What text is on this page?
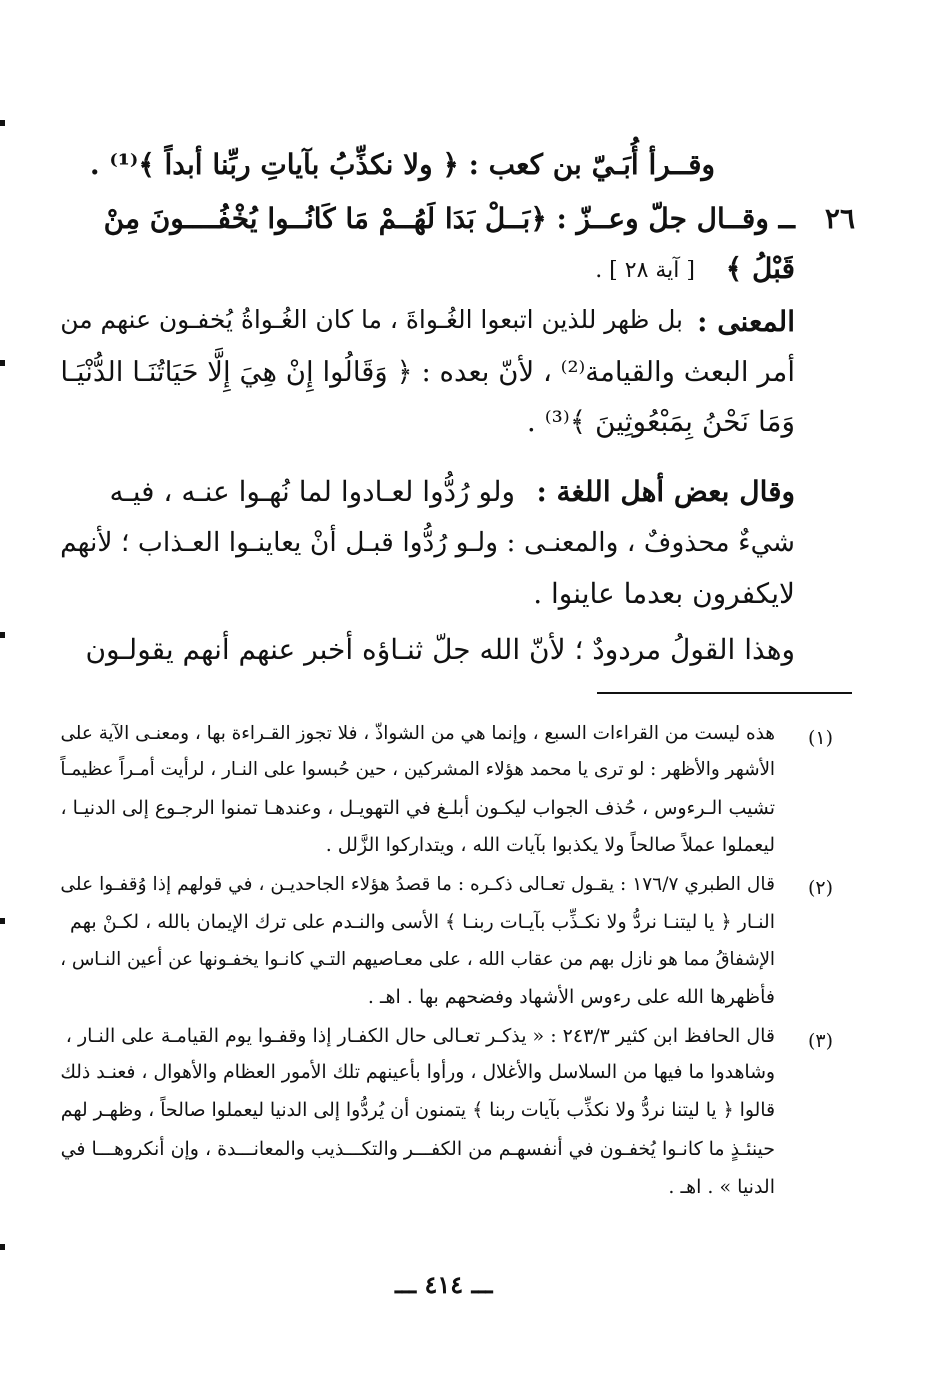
وقــرأ أُبَـيّ بن كعب : ﴿ ولا نكذِّبُ بآياتِ ربِّنا أبداً ﴾⁽¹⁾ .
٢٦
ــ وقــال جلّ وعــزّ : ﴿بَــلْ بَدَا لَهُــمْ مَا كَانُــوا يُخْفُــــونَ مِنْ
قَبْلُ ﴾
[ آية ٢٨ ] .
المعنى :
بل ظهر للذين اتبعوا الغُـواةَ ، ما كان الغُـواةُ يُخفـون عنهم من
أمر البعث والقيامة⁽²⁾ ، لأنّ بعده : ﴿ وَقَالُوا إِنْ هِيَ إِلَّا حَيَاتُنَـا الدُّنْيَـا
وَمَا نَحْنُ بِمَبْعُوثِينَ ﴾⁽³⁾ .
وقال بعض أهل اللغة :
ولو رُدُّوا لعـادوا لما نُهـوا عنـه ، فيـه
شيءٌ محذوفٌ ، والمعنـى : ولـو رُدُّوا قبـل أنْ يعاينـوا العـذاب ؛ لأنهم
لايكفرون بعدما عاينوا .
وهذا القولُ مردودٌ ؛ لأنّ الله جلّ ثنـاؤه أخبر عنهم أنهم يقولـون
(١)
هذه ليست من القراءات السبع ، وإنما هي من الشواذّ ، فلا تجوز القـراءة بها ، ومعنـى الآية على
الأشهر والأظهر : لو ترى يا محمد هؤلاء المشركين ، حين حُبسوا على النـار ، لرأيت أمـراً عظيمـاً
تشيب الـرءوس ، حُذف الجواب ليكـون أبلـغ في التهويـل ، وعندهـا تمنوا الرجـوع إلى الدنيـا ،
ليعملوا عملاً صالحاً ولا يكذبوا بآيات الله ، ويتداركوا الزَّلل .
(٢)
قال الطبري ١٧٦/٧ : يقـول تعـالى ذكـره : ما قصدُ هؤلاء الجاحديـن ، في قولهم إذا وُقفـوا على
النـار ﴿ يا ليتنـا نردُّ ولا نكـذِّب بآيـات ربنـا ﴾ الأسى والنـدم على ترك الإيمان بالله ، لكـنْ بهم
الإشفاقُ مما هو نازل بهم من عقاب الله ، على معـاصيهم التـي كانـوا يخفـونها عن أعين النـاس ،
فأظهرها الله على رءوس الأشهاد وفضحهم بها . اهـ .
(٣)
قال الحافظ ابن كثير ٢٤٣/٣ : « يذكـر تعـالى حال الكفـار إذا وقفـوا يوم القيامـة على النـار ،
وشاهدوا ما فيها من السلاسل والأغلال ، ورأوا بأعينهم تلك الأمور العظام والأهوال ، فعنـد ذلك
قالوا ﴿ يا ليتنا نردُّ ولا نكذِّب بآيات ربنا ﴾ يتمنون أن يُردُّوا إلى الدنيا ليعملوا صالحاً ، وظهـر لهم
حينئـذٍ ما كانـوا يُخفـون في أنفسهـم من الكفـــر والتكـــذيب والمعانـــدة ، وإن أنكروهـــا في
الدنيا » . اهـ .
ـــ ٤١٤ ـــ
